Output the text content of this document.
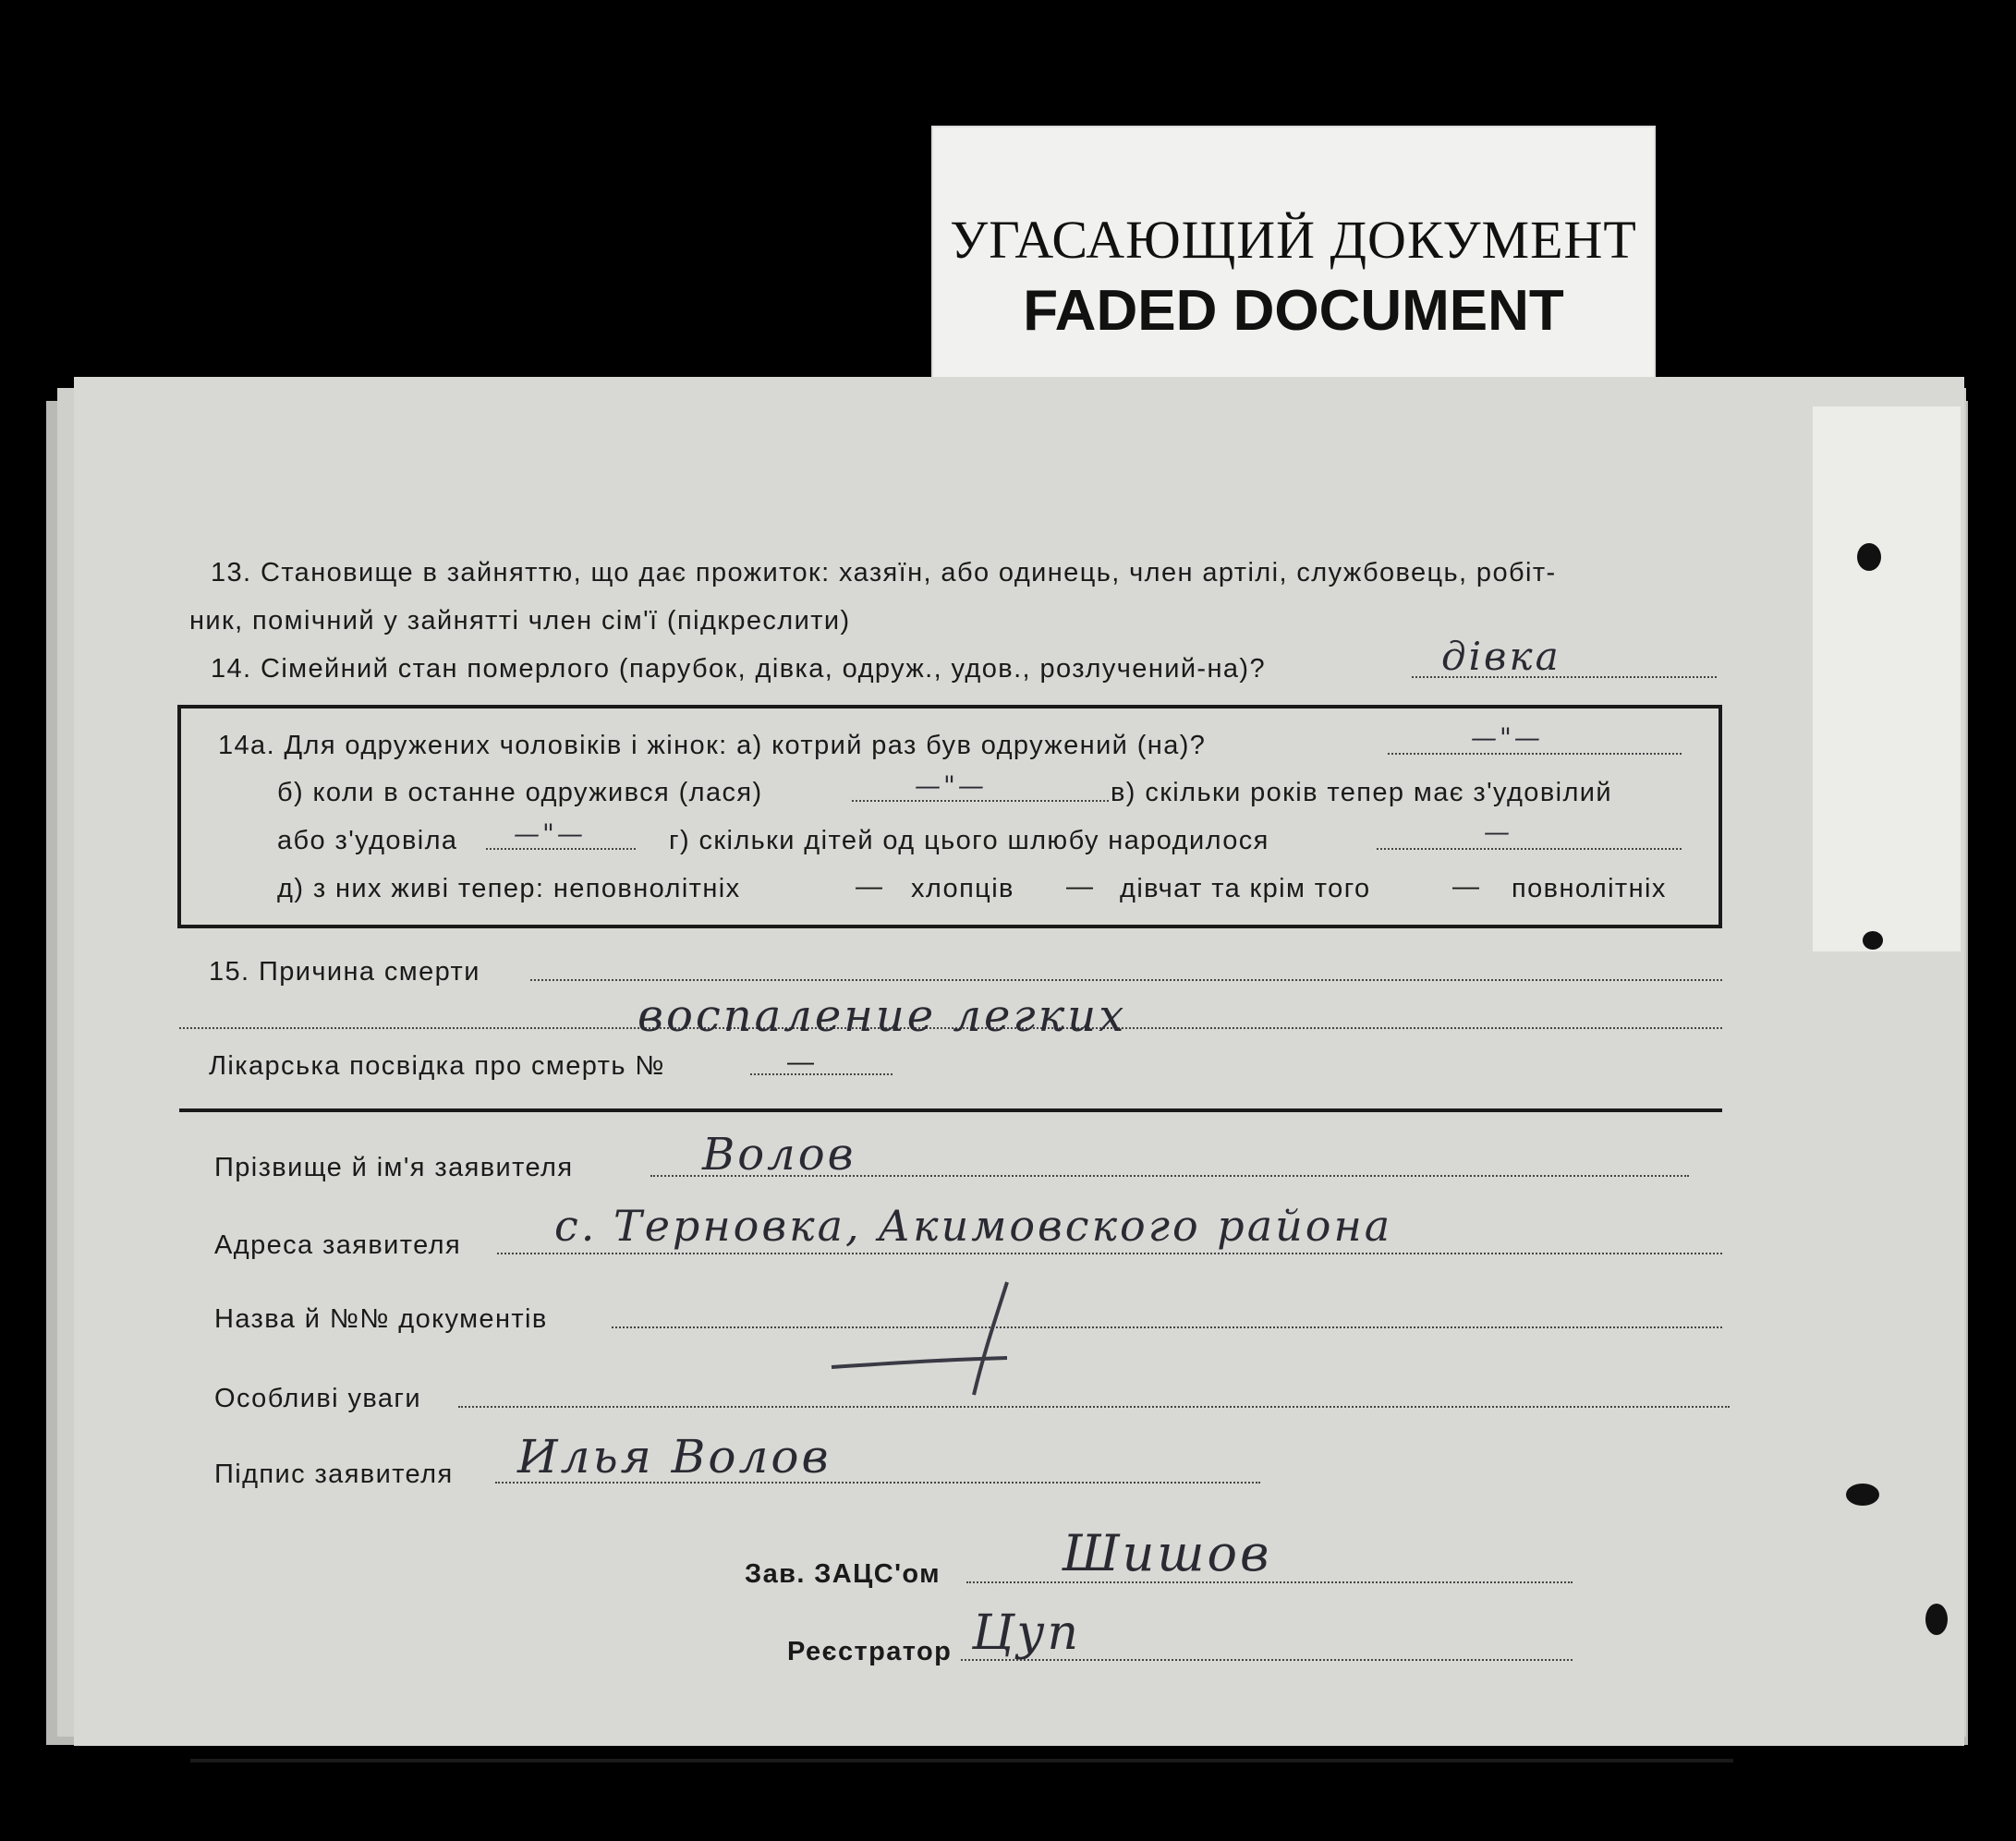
УГАСАЮЩИЙ ДОКУМЕНТ
FADED DOCUMENT
13. Становище в зайняттю, що дає прожиток: хазяїн, або одинець, член артілі, службовець, робіт-
ник, помічний у зайнятті член сім'ї (підкреслити)
14. Сімейний стан померлого (парубок, дівка, одруж., удов., розлучений-на)?	дівка
14а. Для одружених чоловіків і жінок: а) котрий раз був одружений (на)?	—"—
б) коли в останне одружився (лася)	—"—	в) скільки років тепер має з'удовілий
або з'удовіла —"—	г) скільки дітей од цього шлюбу народилося	—
д) з них живі тепер: неповнолітніх	— хлопців — дівчат та крім того	— повнолітніх
15. Причина смерти
воспаление легких
Лікарська посвідка про смерть №	—
Прізвище й ім'я заявителя	Волов
Адреса заявителя с. Терновка, Акимовского района
Назва й №№ документів
Особливі уваги
Підпис заявителя Илья Волов
Зав. ЗАЦС'ом Шишов
Реєстратор Цуп
